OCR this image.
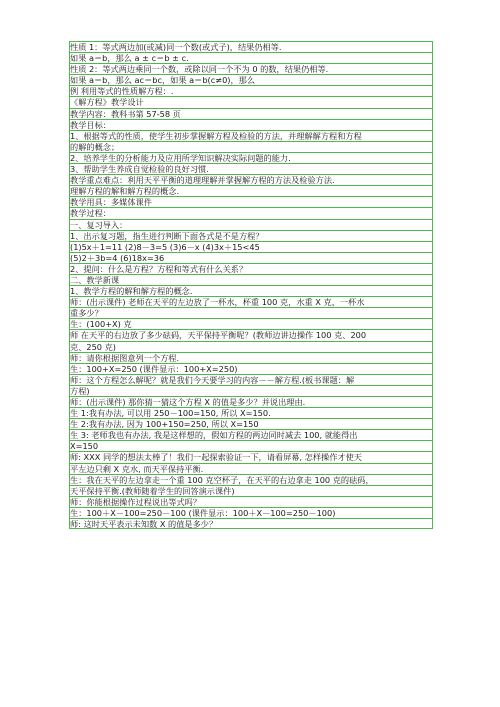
性质 1：等式两边加(或减)同一个数(或式子)，结果仍相等.
如果 a＝b，那么 a ± c＝b ± c.
性质 2：等式两边乘同一个数，或除以同一个不为 0 的数，结果仍相等.
如果 a＝b，那么 ac＝bc，如果 a＝b(c≠0)，那么
例 利用等式的性质解方程：.
《解方程》教学设计
教学内容：教科书第 57-58 页
教学目标：
1、根据等式的性质，使学生初步掌握解方程及检验的方法，并理解解方程和方程
的解的概念；
2、培养学生的分析能力及应用所学知识解决实际问题的能力.
3、帮助学生养成自觉检验的良好习惯.
教学重点难点：利用天平平衡的道理理解并掌握解方程的方法及检验方法.
理解方程的解和解方程的概念.
教学用具：多媒体课件
教学过程：
一、复习导入：
1、出示复习题，指生进行判断下面各式是不是方程？
(1)5x＋1=11 (2)8－3=5 (3)6－x (4)3x＋15<45
(5)2＋3b=4 (6)18x=36
2、提问：什么是方程？方程和等式有什么关系？
二、教学新课
1、教学方程的解和解方程的概念.
师：(出示课件) 老师在天平的左边放了一杯水，杯重 100 克，水重 X 克，一杯水
重多少？
生：(100+X) 克
师 在天平的右边放了多少砝码，天平保持平衡呢？(教师边讲边操作 100 克、200
克、250 克)
师：请你根据图意列一个方程.
生：100+X=250 (课件显示：100+X=250)
师：这个方程怎么解呢？就是我们今天要学习的内容－－解方程.(板书课题：解
方程)
师：(出示课件) 那你猜一猜这个方程 X 的值是多少？并说出理由.
生 1:我有办法, 可以用 250－100=150, 所以 X=150.
生 2:我有办法, 因为 100+150=250, 所以 X=150
生 3: 老师我也有办法, 我是这样想的，假如方程的两边同时减去 100, 就能得出
X=150
师: XXX 同学的想法太棒了！我们一起探索验证一下，请看屏幕, 怎样操作才使天
平左边只剩 X 克水, 而天平保持平衡.
生：我在天平的左边拿走一个重 100 克空杯子，在天平的右边拿走 100 克的砝码，
天平保持平衡.(教师随着学生的回答演示课件)
师：你能根据操作过程说出等式吗？
生：100＋X－100=250－100 (课件显示：100＋X－100=250－100)
师: 这时天平表示未知数 X 的值是多少？
